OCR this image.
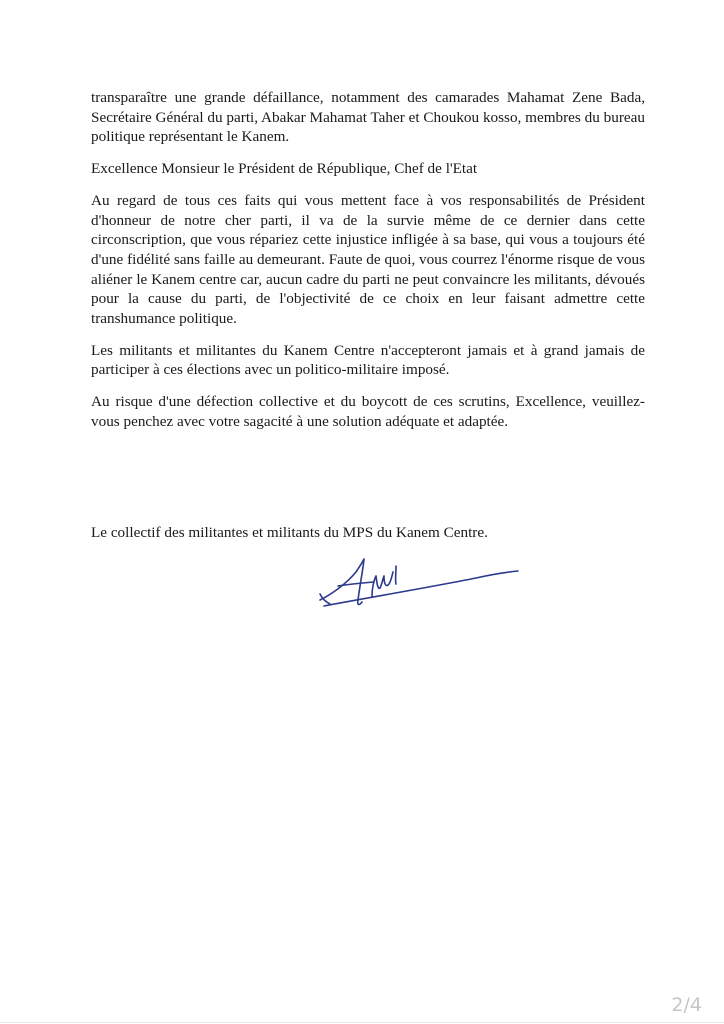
transparaître une grande défaillance, notamment des camarades Mahamat Zene Bada, Secrétaire Général du parti, Abakar Mahamat Taher et Choukou kosso, membres du bureau politique représentant le Kanem.

Excellence Monsieur le Président de République, Chef de l'Etat

Au regard de tous ces faits qui vous mettent face à vos responsabilités de Président d'honneur de notre cher parti, il va de la survie même de ce dernier dans cette circonscription, que vous répariez cette injustice infligée à sa base, qui vous a toujours été d'une fidélité sans faille au demeurant. Faute de quoi, vous courrez l'énorme risque de vous aliéner le Kanem centre car, aucun cadre du parti ne peut convaincre les militants, dévoués pour la cause du parti, de l'objectivité de ce choix en leur faisant admettre cette transhumance politique.

Les militants et militantes du Kanem Centre n'accepteront jamais et à grand jamais de participer à ces élections avec un politico-militaire imposé.

Au risque d'une défection collective et du boycott de ces scrutins, Excellence, veuillez-vous penchez avec votre sagacité à une solution adéquate et adaptée.

Le collectif des militantes et militants du MPS du Kanem Centre.

2/4
